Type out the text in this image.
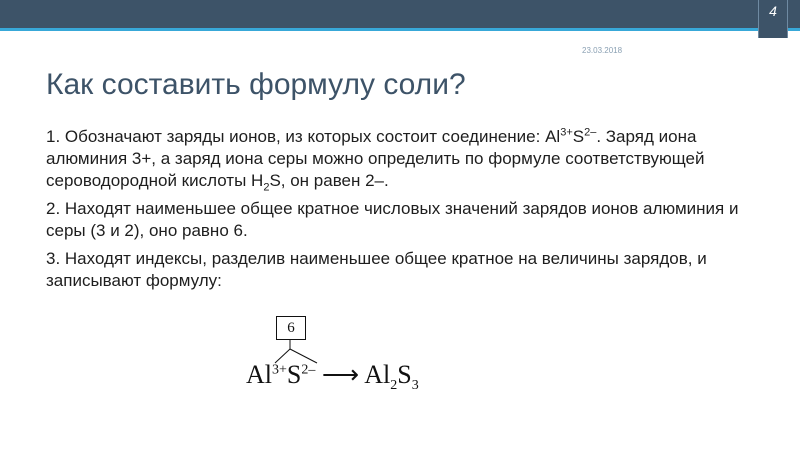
4
23.03.2018
Как составить формулу соли?

1. Обозначают заряды ионов, из которых состоит соединение: $Al^{3+}S^{2-}$. Заряд иона алюминия 3+, а заряд иона серы можно определить по формуле соответствующей сероводородной кислоты $H_2S$, он равен 2–.

2. Находят наименьшее общее кратное числовых значений зарядов ионов алюминия и серы (3 и 2), оно равно 6.

3. Находят индексы, разделив наименьшее общее кратное на величины зарядов, и записывают формулу:

6
$Al^{3+}S^{2-}$ ⟶ $Al_2S_3$
